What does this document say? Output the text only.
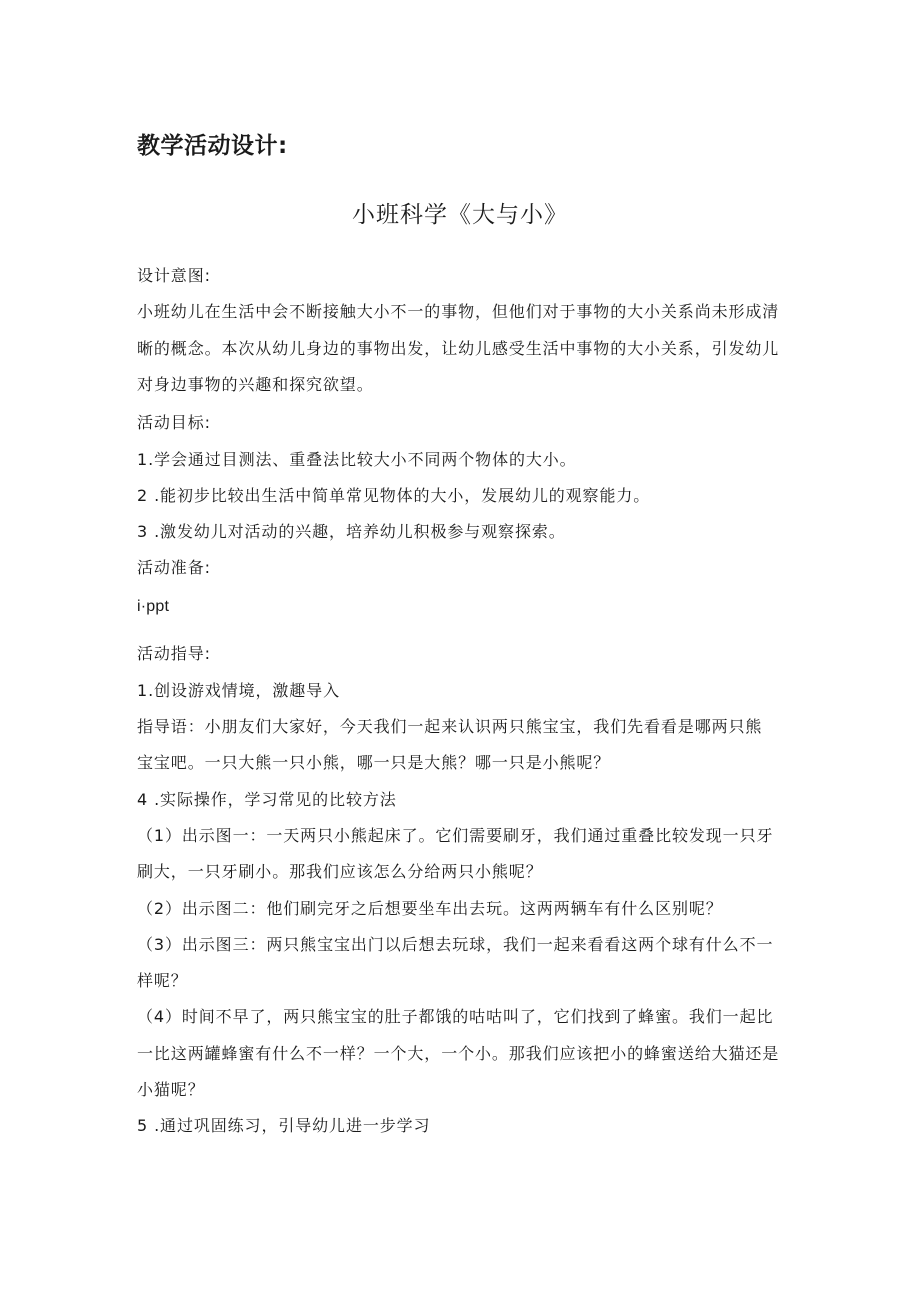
教学活动设计:
小班科学《大与小》
设计意图:
小班幼儿在生活中会不断接触大小不一的事物，但他们对于事物的大小关系尚未形成清
晰的概念。本次从幼儿身边的事物出发，让幼儿感受生活中事物的大小关系，引发幼儿
对身边事物的兴趣和探究欲望。
活动目标:
1.学会通过目测法、重叠法比较大小不同两个物体的大小。
2 .能初步比较出生活中简单常见物体的大小，发展幼儿的观察能力。
3 .激发幼儿对活动的兴趣，培养幼儿积极参与观察探索。
活动准备:
i·ppt
活动指导:
1.创设游戏情境，激趣导入
指导语：小朋友们大家好，今天我们一起来认识两只熊宝宝，我们先看看是哪两只熊
宝宝吧。一只大熊一只小熊，哪一只是大熊？哪一只是小熊呢？
4 .实际操作，学习常见的比较方法
（1）出示图一：一天两只小熊起床了。它们需要刷牙，我们通过重叠比较发现一只牙
刷大，一只牙刷小。那我们应该怎么分给两只小熊呢？
（2）出示图二：他们刷完牙之后想要坐车出去玩。这两两辆车有什么区别呢？
（3）出示图三：两只熊宝宝出门以后想去玩球，我们一起来看看这两个球有什么不一
样呢？
（4）时间不早了，两只熊宝宝的肚子都饿的咕咕叫了，它们找到了蜂蜜。我们一起比
一比这两罐蜂蜜有什么不一样？一个大，一个小。那我们应该把小的蜂蜜送给大猫还是
小猫呢？
5 .通过巩固练习，引导幼儿进一步学习
